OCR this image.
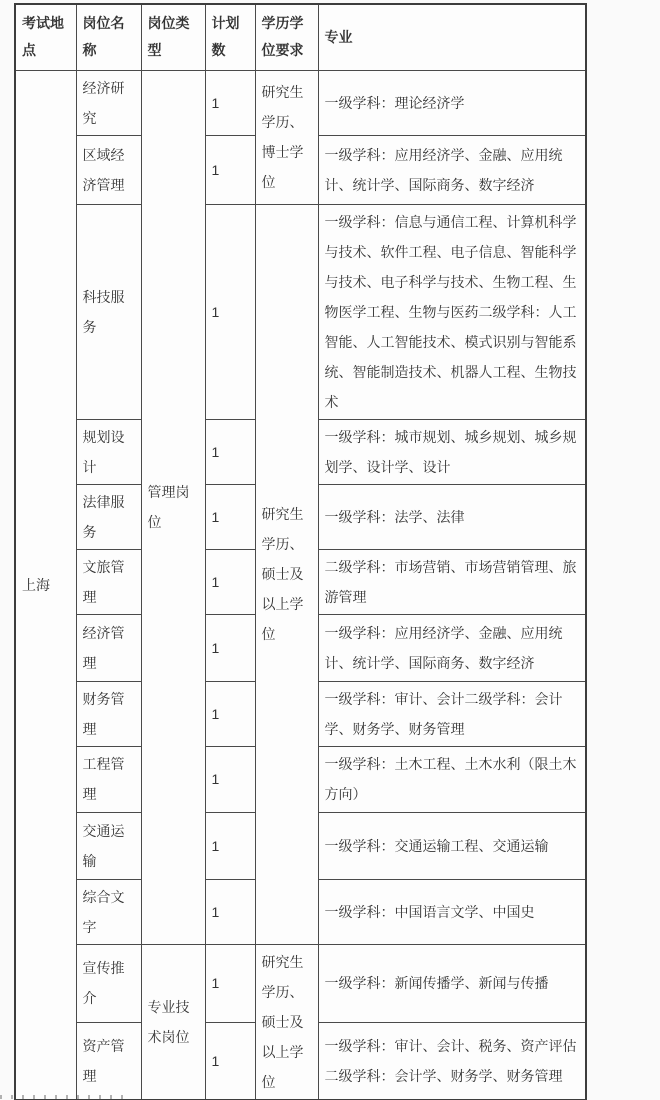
考试地点	岗位名称	岗位类型	计划数	学历学位要求	专业
上海	经济研究	管理岗位	1	研究生学历、博士学位	一级学科：理论经济学
	区域经济管理		1		一级学科：应用经济学、金融、应用统计、统计学、国际商务、数字经济
	科技服务		1	研究生学历、硕士及以上学位	一级学科：信息与通信工程、计算机科学与技术、软件工程、电子信息、智能科学与技术、电子科学与技术、生物工程、生物医学工程、生物与医药二级学科：人工智能、人工智能技术、模式识别与智能系统、智能制造技术、机器人工程、生物技术
	规划设计		1		一级学科：城市规划、城乡规划、城乡规划学、设计学、设计
	法律服务		1		一级学科：法学、法律
	文旅管理		1		二级学科：市场营销、市场营销管理、旅游管理
	经济管理		1		一级学科：应用经济学、金融、应用统计、统计学、国际商务、数字经济
	财务管理		1		一级学科：审计、会计二级学科：会计学、财务学、财务管理
	工程管理		1		一级学科：土木工程、土木水利（限土木方向）
	交通运输		1		一级学科：交通运输工程、交通运输
	综合文字		1		一级学科：中国语言文学、中国史
	宣传推介	专业技术岗位	1	研究生学历、硕士及以上学位	一级学科：新闻传播学、新闻与传播
	资产管理		1		一级学科：审计、会计、税务、资产评估二级学科：会计学、财务学、财务管理
